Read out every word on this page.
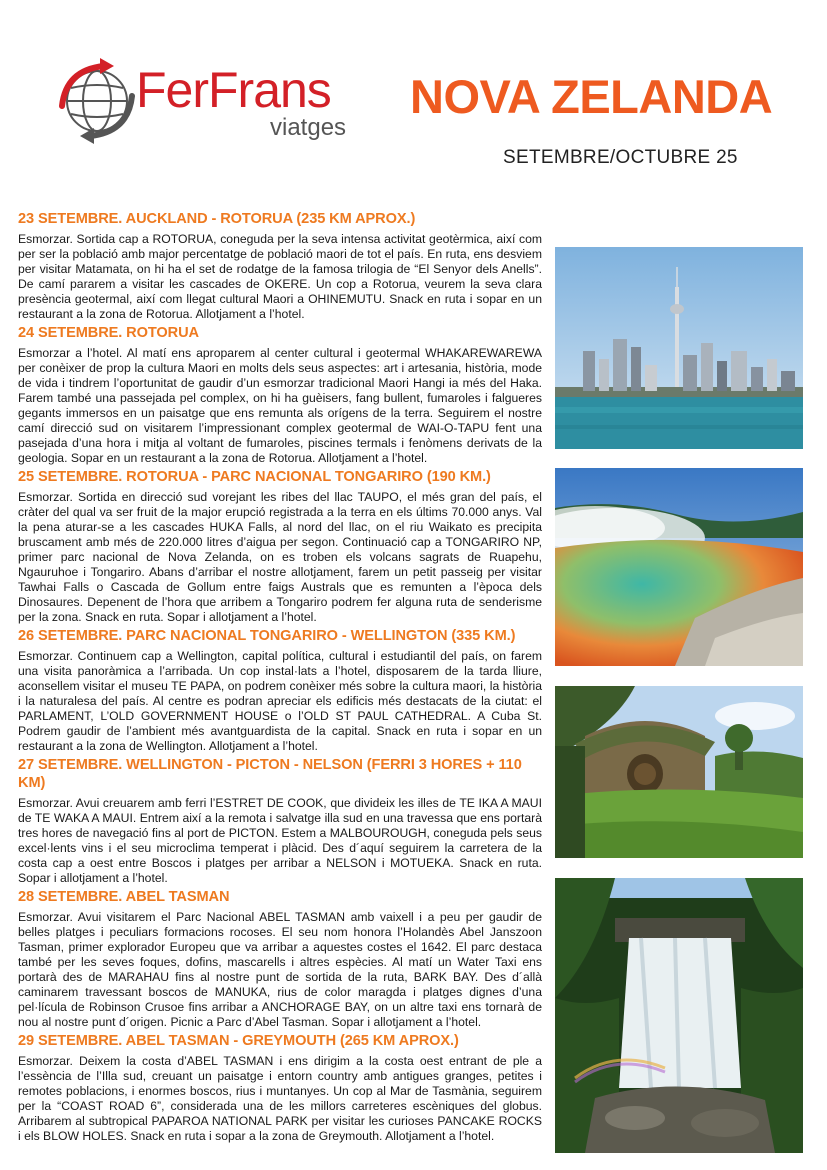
FerFrans
viatges
NOVA ZELANDA
SETEMBRE/OCTUBRE 25
23 SETEMBRE. AUCKLAND - ROTORUA (235 KM APROX.)

Esmorzar. Sortida cap a ROTORUA, coneguda per la seva intensa activitat geotèrmica, així com per ser la població amb major percentatge de població maori de tot el país. En ruta, ens desviem per visitar Matamata, on hi ha el set de rodatge de la famosa trilogia de “El Senyor dels Anells”. De camí pararem a visitar les cascades de OKERE. Un cop a Rotorua, veurem la seva clara presència geotermal, així com llegat cultural Maori a OHINEMUTU. Snack en ruta i sopar en un restaurant a la zona de Rotorua. Allotjament a l’hotel.

24 SETEMBRE. ROTORUA

Esmorzar a l’hotel. Al matí ens aproparem al center cultural i geotermal WHAKAREWAREWA per conèixer de prop la cultura Maori en molts dels seus aspectes: art i artesania, història, mode de vida i tindrem l’oportunitat de gaudir d’un esmorzar tradicional Maori Hangi ia més del Haka. Farem també una passejada pel complex, on hi ha guèisers, fang bullent, fumaroles i falgueres gegants immersos en un paisatge que ens remunta als orígens de la terra. Seguirem el nostre camí direcció sud on visitarem l’impressionant complex geotermal de WAI-O-TAPU fent una pasejada d’una hora i mitja al voltant de fumaroles, piscines termals i fenòmens derivats de la geologia. Sopar en un restaurant a la zona de Rotorua. Allotjament a l’hotel.

25 SETEMBRE. ROTORUA - PARC NACIONAL TONGARIRO (190 KM.)

Esmorzar. Sortida en direcció sud vorejant les ribes del llac TAUPO, el més gran del país, el cràter del qual va ser fruit de la major erupció registrada a la terra en els últims 70.000 anys. Val la pena aturar-se a les cascades HUKA Falls, al nord del llac, on el riu Waikato es precipita bruscament amb més de 220.000 litres d’aigua per segon. Continuació cap a TONGARIRO NP, primer parc nacional de Nova Zelanda, on es troben els volcans sagrats de Ruapehu, Ngauruhoe i Tongariro. Abans d’arribar el nostre allotjament, farem un petit passeig per visitar Tawhai Falls o Cascada de Gollum entre faigs Australs que es remunten a l’època dels Dinosaures. Depenent de l’hora que arribem a Tongariro podrem fer alguna ruta de senderisme per la zona. Snack en ruta. Sopar i allotjament a l’hotel.

26 SETEMBRE. PARC NACIONAL TONGARIRO - WELLINGTON (335 KM.)

Esmorzar. Continuem cap a Wellington, capital política, cultural i estudiantil del país, on farem una visita panoràmica a l’arribada. Un cop instal·lats a l’hotel, disposarem de la tarda lliure, aconsellem visitar el museu TE PAPA, on podrem conèixer més sobre la cultura maori, la història i la naturalesa del país. Al centre es podran apreciar els edificis més destacats de la ciutat: el PARLAMENT, L’OLD GOVERNMENT HOUSE o l’OLD ST PAUL CATHEDRAL. A Cuba St. Podrem gaudir de l’ambient més avantguardista de la capital. Snack en ruta i sopar en un restaurant a la zona de Wellington. Allotjament a l’hotel.

27 SETEMBRE. WELLINGTON - PICTON - NELSON (FERRI 3 HORES + 110 KM)

Esmorzar. Avui creuarem amb ferri l’ESTRET DE COOK, que divideix les illes de TE IKA A MAUI de TE WAKA A MAUI. Entrem així a la remota i salvatge illa sud en una travessa que ens portarà tres hores de navegació fins al port de PICTON. Estem a MALBOUROUGH, coneguda pels seus excel·lents vins i el seu microclima temperat i plàcid. Des d´aquí seguirem la carretera de la costa cap a oest entre Boscos i platges per arribar a NELSON i MOTUEKA. Snack en ruta. Sopar i allotjament a l’hotel.

28 SETEMBRE. ABEL TASMAN

Esmorzar. Avui visitarem el Parc Nacional ABEL TASMAN amb vaixell i a peu per gaudir de belles platges i peculiars formacions rocoses. El seu nom honora l’Holandès Abel Janszoon Tasman, primer explorador Europeu que va arribar a aquestes costes el 1642. El parc destaca també per les seves foques, dofins, mascarells i altres espècies. Al matí un Water Taxi ens portarà des de MARAHAU fins al nostre punt de sortida de la ruta, BARK BAY. Des d´allà caminarem travessant boscos de MANUKA, rius de color maragda i platges dignes d’una pel·lícula de Robinson Crusoe fins arribar a ANCHORAGE BAY, on un altre taxi ens tornarà de nou al nostre punt d´origen. Picnic a Parc d’Abel Tasman. Sopar i allotjament a l’hotel.

29 SETEMBRE. ABEL TASMAN - GREYMOUTH (265 KM APROX.)

Esmorzar. Deixem la costa d’ABEL TASMAN i ens dirigim a la costa oest entrant de ple a l’essència de l’Illa sud, creuant un paisatge i entorn country amb antigues granges, petites i remotes poblacions, i enormes boscos, rius i muntanyes. Un cop al Mar de Tasmània, seguirem per la “COAST ROAD 6”, considerada una de les millors carreteres escèniques del globus. Arribarem al subtropical PAPAROA NATIONAL PARK per visitar les curioses PANCAKE ROCKS i els BLOW HOLES. Snack en ruta i sopar a la zona de Greymouth. Allotjament a l’hotel.
